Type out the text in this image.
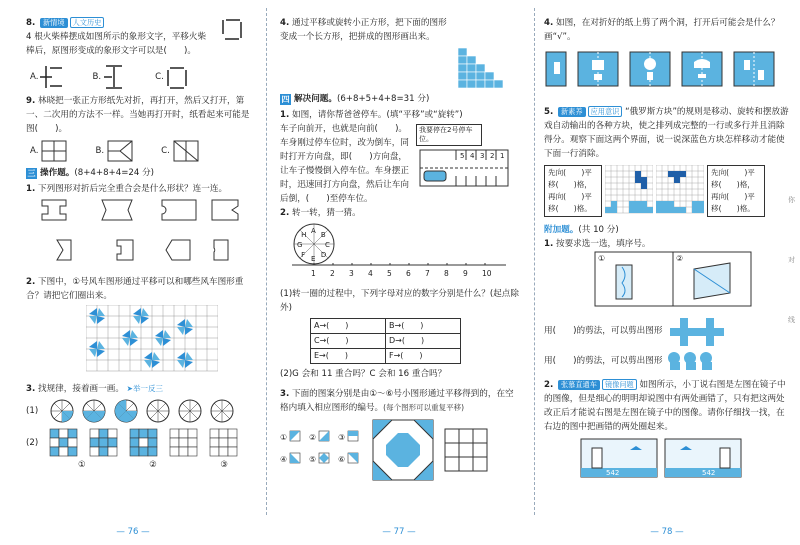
8. 新情境 人文历史

4 根火柴棒摆成如图所示的象形文字，平移火柴棒后，原图形变成的象形文字可以是(　　)。

A.	B.	C.

9. 林晓把一张正方形纸先对折，再打开，然后又打开，第一、二次用的方法不一样。当她再打开时，纸看起来可能是图(　　)。

A.	B.	C.
三 操作题。 (8+4+8+4=24 分)

1. 下列图形对折后完全重合会是什么形状？连一连。

2. 下图中，①号风车图形通过平移可以和哪些风车图形重合？请把它们圈出来。

3. 找规律，接着画一画。 ➤举一反三

(1)
(2)
①	②	③
— 76 —

4. 通过平移或旋转小正方形，把下面的图形变成一个长方形，把拼成的图形画出来。

四 解决问题。 (6+8+5+4+8=31 分)

1. 如图，请你帮爸爸停车。(填“平移”或“旋转”)

车子向前开，也就是向前(　　)。车身刚过停车位时，改为倒车，同时打开方向盘，即(　　)方向盘，让车子慢慢倒入停车位。车身摆正时，迅速回打方向盘，然后让车向后倒，(　　)至停车位。

我要停在2号停车位。
5 4 3 2 1

2. 转一转，猜一猜。

A
B
C
D
E
F
G
H
1 2 3 4 5 6 7 8 9 10

(1)转一圈的过程中，下列字母对应的数字分别是什么？(起点除外)

A→(　　)	B→(　　)
C→(　　)	D→(　　)
E→(　　)	F→(　　)

(2)G 会和 11 重合吗？C 会和 16 重合吗？

3. 下面的图案分别是由①～⑥号小图形通过平移得到的，在空格内填入相应图形的编号。(每个图形可以重复平移)

①	②	③
④	⑤	⑥
— 77 —

4. 如图，在对折好的纸上剪了两个洞，打开后可能会是什么？画“√”。

5. 新素养 应用意识 “俄罗斯方块”的规则是移动、旋转和摆放游戏自动输出的各种方块，使之排列成完整的一行或多行并且消除得分。观察下面这两个界面，说一说深蓝色方块怎样移动才能使下面一行消除。

先向(　　)平
移(　　)格，
再向(　　)平
移(　　)格。
先向(　　)平
移(　　)格，
再向(　　)平
移(　　)格。
附加题。(共 10 分)

1. 按要求选一选，填序号。

①	②
用(　　)的剪法，可以剪出图形
用(　　)的剪法，可以剪出图形

2. 张慕直通车 镜像问题 如图所示，小丁说右图是左图在镜子中的图像，但是细心的明明却说图中有两处画错了，只有把这两处改正后才能说右图是左图在镜子中的图像。请你仔细找一找，在右边的图中把画错的两处圈起来。

542	542
你
对
线
— 78 —
